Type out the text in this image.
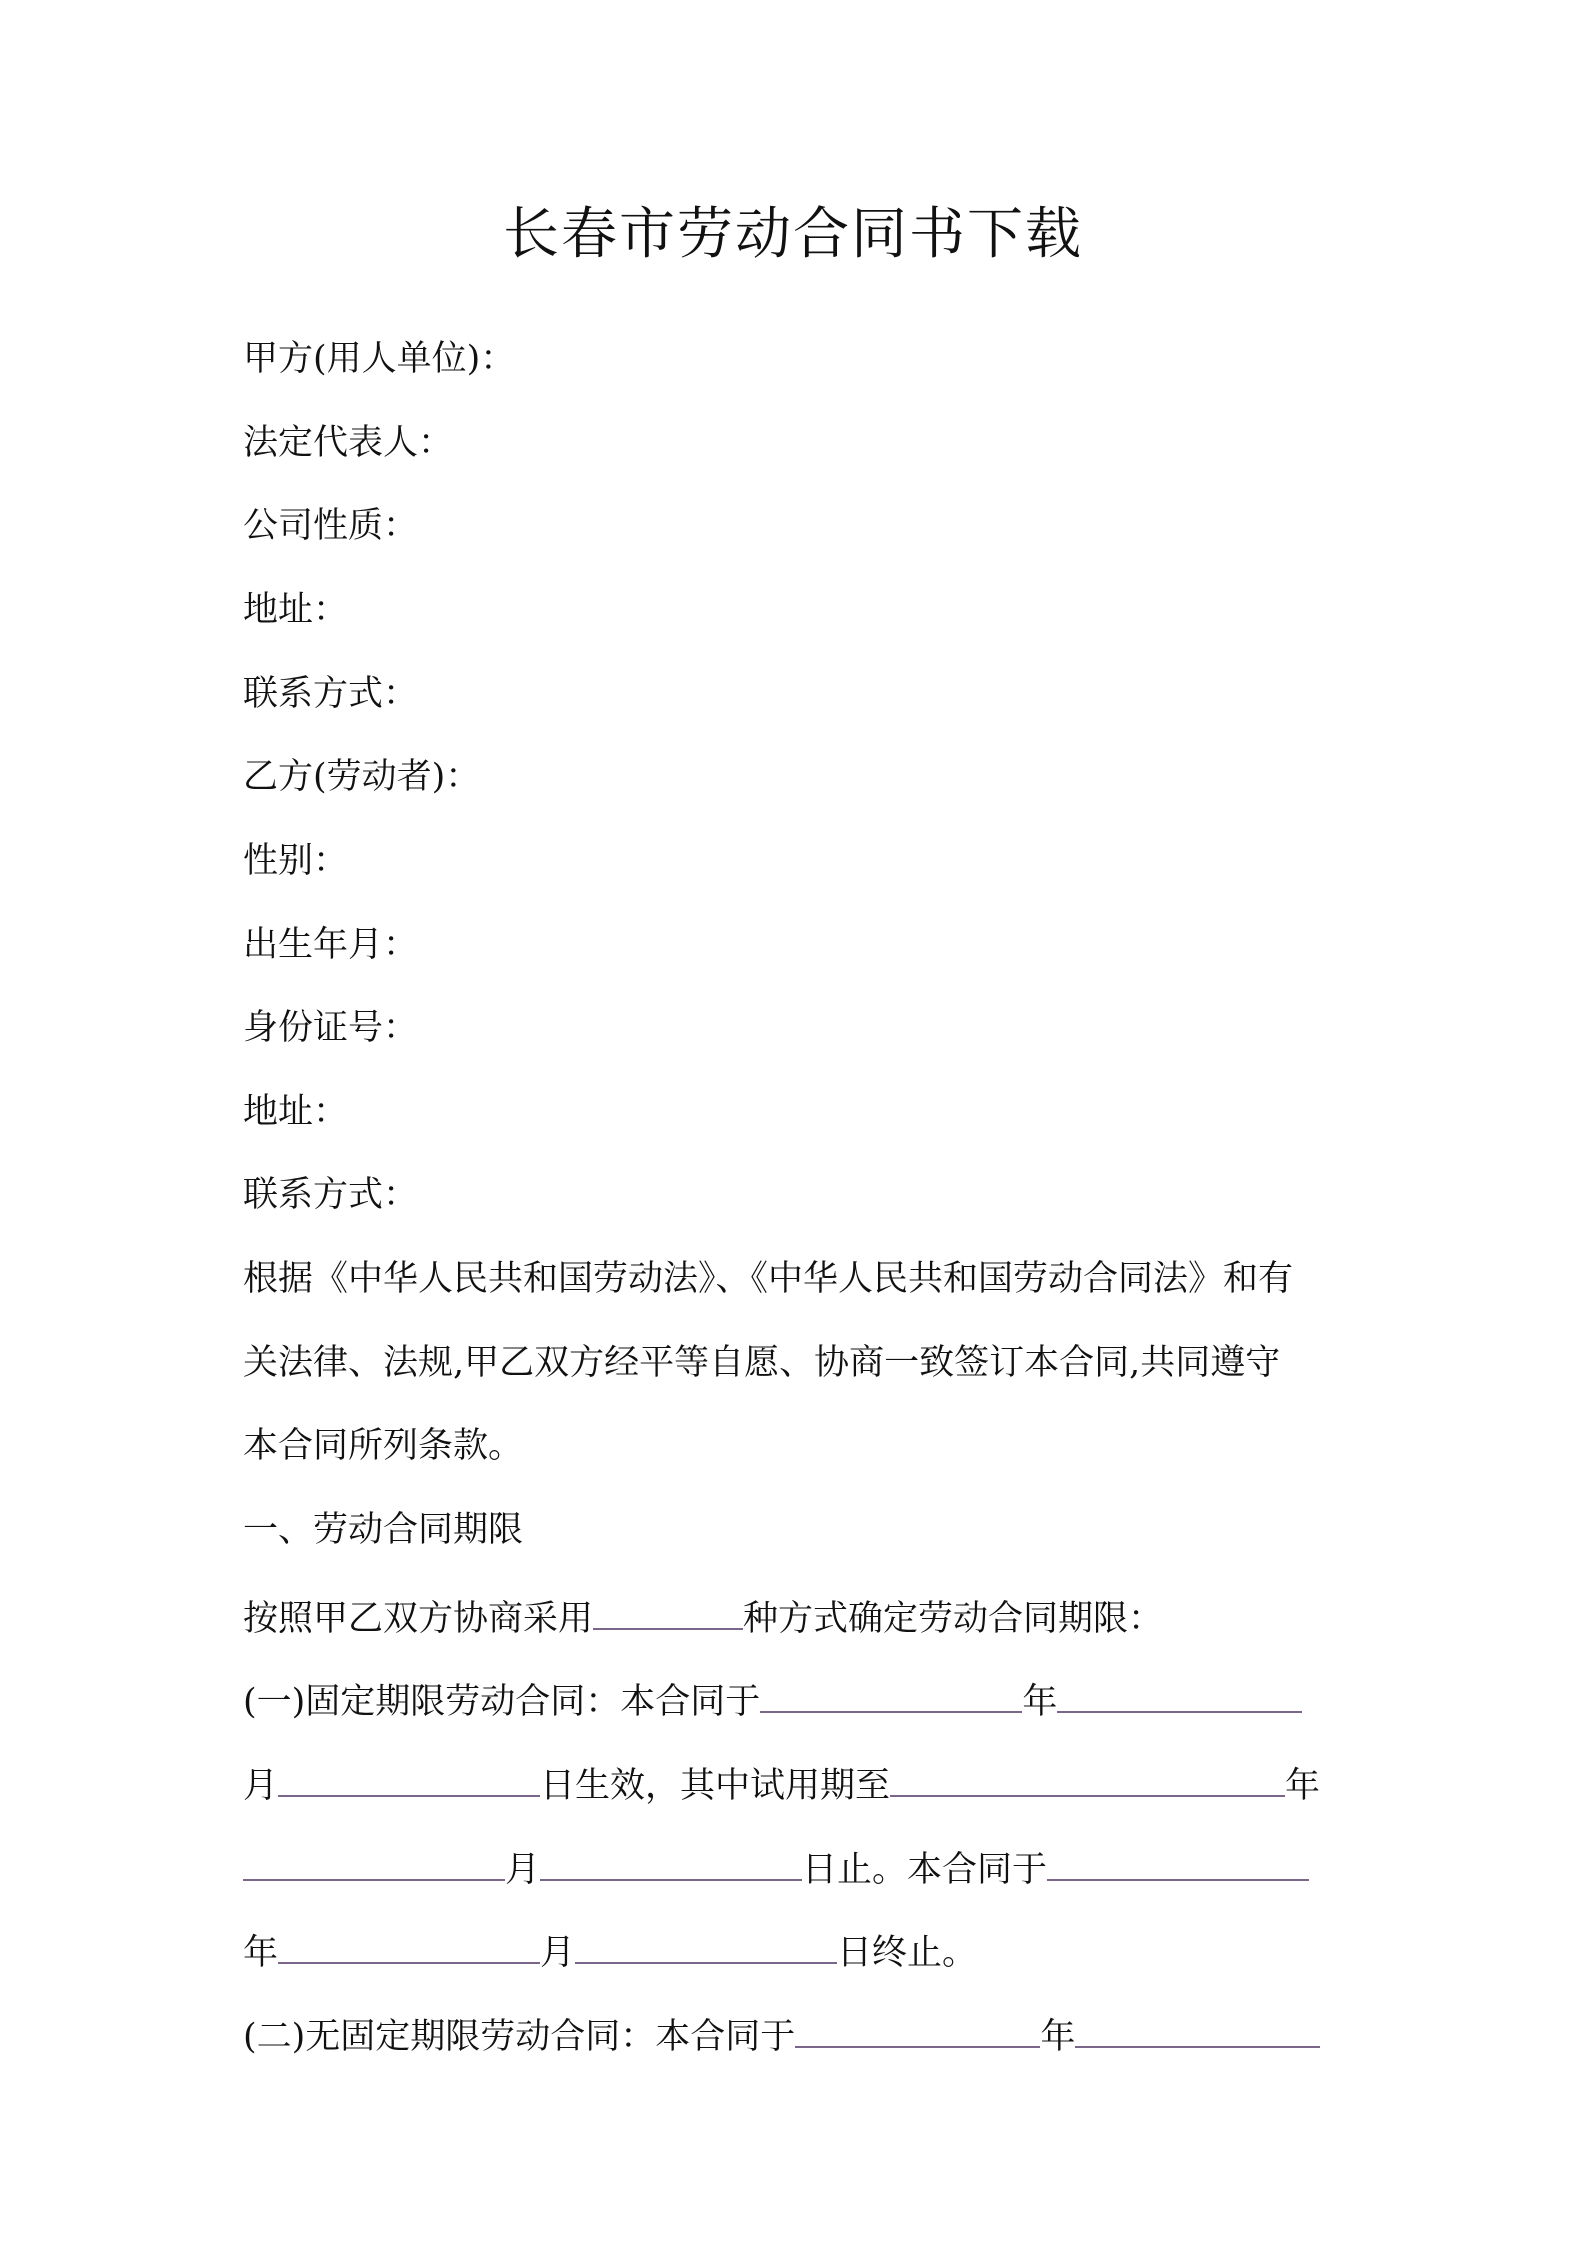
长春市劳动合同书下载

甲方(用人单位)：

法定代表人：

公司性质：

地址：

联系方式：

乙方(劳动者)：

性别：

出生年月：

身份证号：

地址：

联系方式：

根据《中华人民共和国劳动法》、《中华人民共和国劳动合同法》和有

关法律、法规,甲乙双方经平等自愿、协商一致签订本合同,共同遵守

本合同所列条款。

一、劳动合同期限

按照甲乙双方协商采用	种方式确定劳动合同期限：

(一)固定期限劳动合同：本合同于	年

月	日生效，其中试用期至	年

月	日止。本合同于

年	月	日终止。

(二)无固定期限劳动合同：本合同于	年
